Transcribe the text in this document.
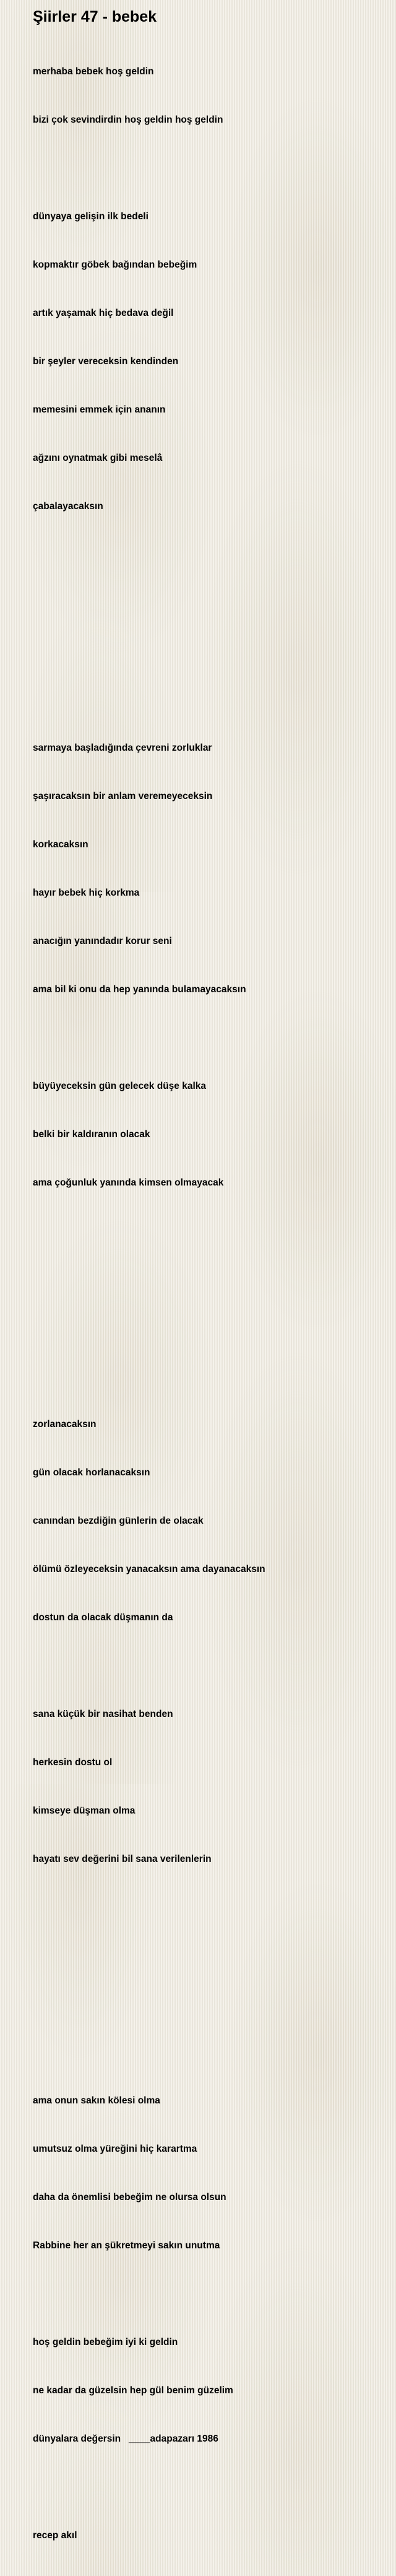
Şiirler 47 - bebek

merhaba bebek hoş geldin

bizi çok sevindirdin hoş geldin hoş geldin

dünyaya gelişin ilk bedeli

kopmaktır göbek bağından bebeğim

artık yaşamak hiç bedava değil

bir şeyler vereceksin kendinden

memesini emmek için ananın

ağzını oynatmak gibi meselâ

çabalayacaksın

sarmaya başladığında çevreni zorluklar

şaşıracaksın bir anlam veremeyeceksin

korkacaksın

hayır bebek hiç korkma

anacığın yanındadır korur seni

ama bil ki onu da hep yanında bulamayacaksın

büyüyeceksin gün gelecek düşe kalka

belki bir kaldıranın olacak

ama çoğunluk yanında kimsen olmayacak

zorlanacaksın

gün olacak horlanacaksın

canından bezdiğin günlerin de olacak

ölümü özleyeceksin yanacaksın ama dayanacaksın

dostun da olacak düşmanın da

sana küçük bir nasihat benden

herkesin dostu ol

kimseye düşman olma

hayatı sev değerini bil sana verilenlerin

ama onun sakın kölesi olma

umutsuz olma yüreğini hiç karartma

daha da önemlisi bebeğim ne olursa olsun

Rabbine her an şükretmeyi sakın unutma

hoş geldin bebeğim iyi ki geldin

ne kadar da güzelsin hep gül benim güzelim

dünyalara değersin   ____adapazarı 1986

recep akıl
